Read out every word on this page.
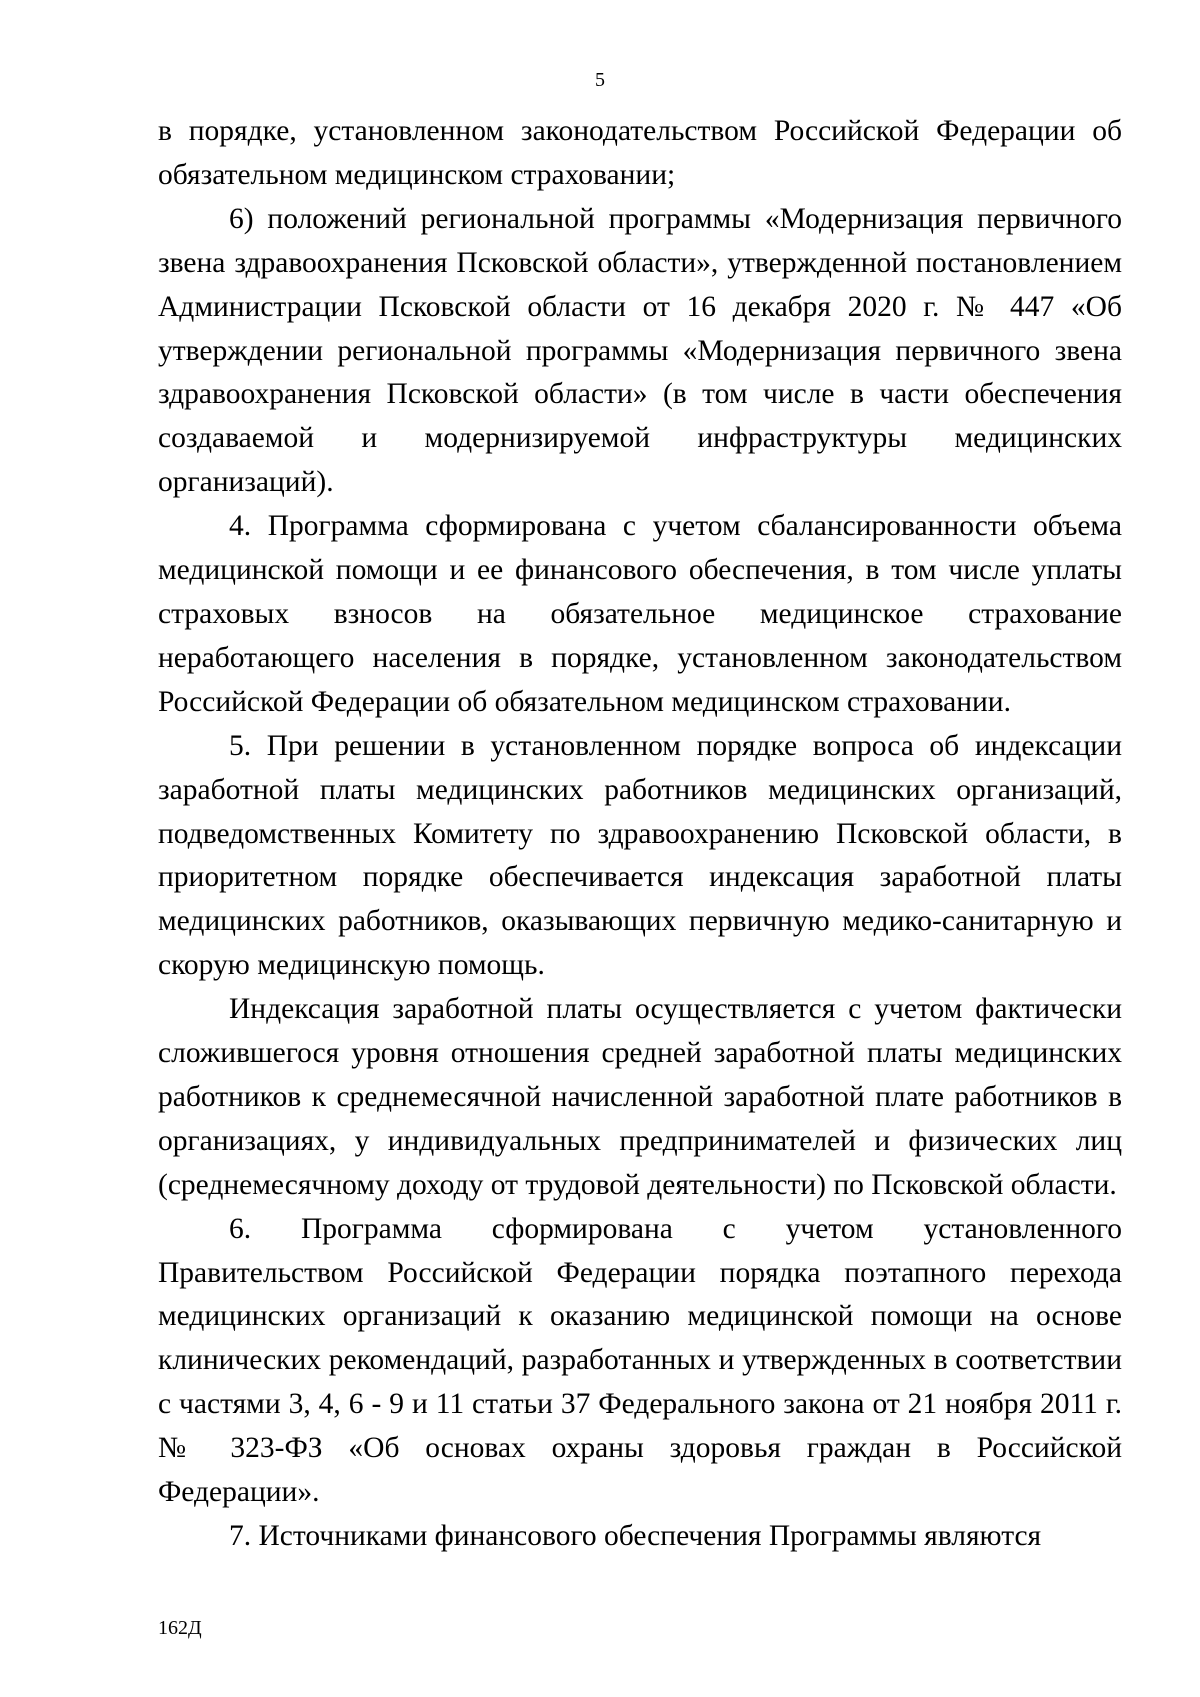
5

в порядке, установленном законодательством Российской Федерации об обязательном медицинском страховании;

6) положений региональной программы «Модернизация первичного звена здравоохранения Псковской области», утвержденной постановлением Администрации Псковской области от 16 декабря 2020 г. № 447 «Об утверждении региональной программы «Модернизация первичного звена здравоохранения Псковской области» (в том числе в части обеспечения создаваемой и модернизируемой инфраструктуры медицинских организаций).

4. Программа сформирована с учетом сбалансированности объема медицинской помощи и ее финансового обеспечения, в том числе уплаты страховых взносов на обязательное медицинское страхование неработающего населения в порядке, установленном законодательством Российской Федерации об обязательном медицинском страховании.

5. При решении в установленном порядке вопроса об индексации заработной платы медицинских работников медицинских организаций, подведомственных Комитету по здравоохранению Псковской области, в приоритетном порядке обеспечивается индексация заработной платы медицинских работников, оказывающих первичную медико-санитарную и скорую медицинскую помощь.

Индексация заработной платы осуществляется с учетом фактически сложившегося уровня отношения средней заработной платы медицинских работников к среднемесячной начисленной заработной плате работников в организациях, у индивидуальных предпринимателей и физических лиц (среднемесячному доходу от трудовой деятельности) по Псковской области.

6. Программа сформирована с учетом установленного Правительством Российской Федерации порядка поэтапного перехода медицинских организаций к оказанию медицинской помощи на основе клинических рекомендаций, разработанных и утвержденных в соответствии с частями 3, 4, 6 - 9 и 11 статьи 37 Федерального закона от 21 ноября 2011 г. № 323-ФЗ «Об основах охраны здоровья граждан в Российской Федерации».

7. Источниками финансового обеспечения Программы являются

162Д
